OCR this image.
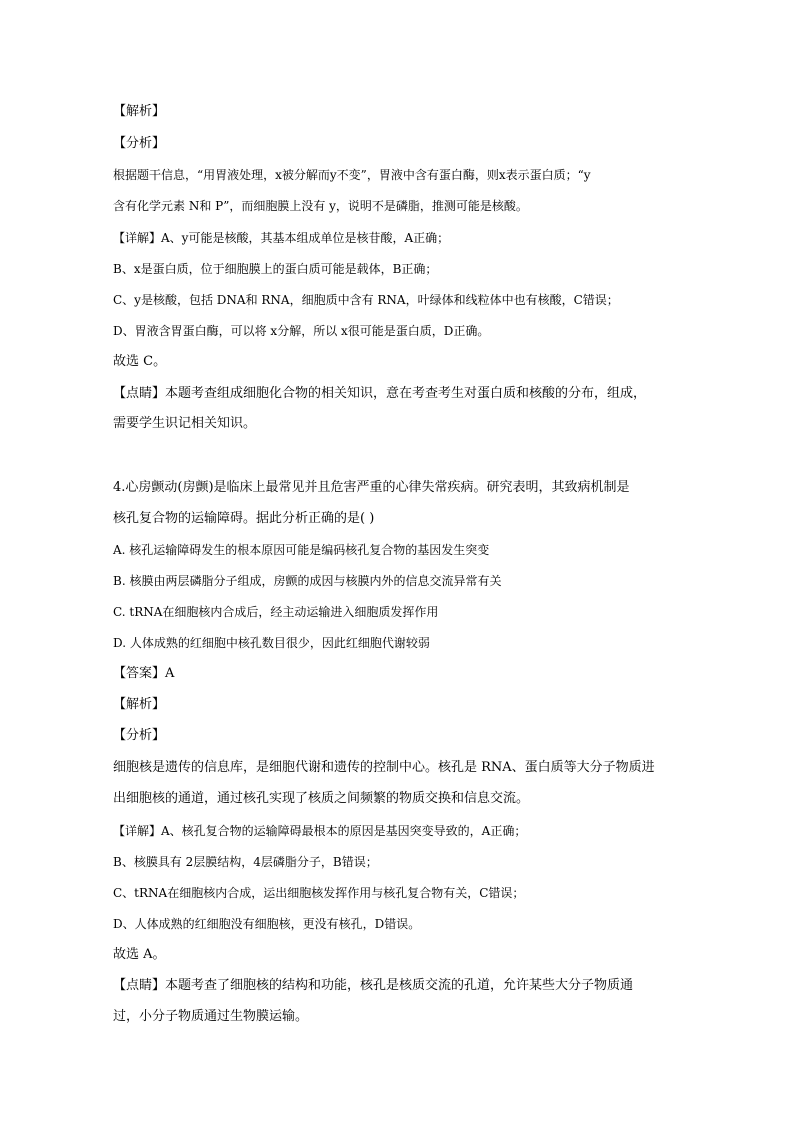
【解析】
【分析】
根据题干信息，“用胃液处理，x被分解而y不变”，胃液中含有蛋白酶，则x表示蛋白质；“y
含有化学元素 N和 P”，而细胞膜上没有 y，说明不是磷脂，推测可能是核酸。
【详解】A、y可能是核酸，其基本组成单位是核苷酸，A正确；
B、x是蛋白质，位于细胞膜上的蛋白质可能是载体，B正确；
C、y是核酸，包括 DNA和 RNA，细胞质中含有 RNA，叶绿体和线粒体中也有核酸，C错误；
D、胃液含胃蛋白酶，可以将 x分解，所以 x很可能是蛋白质，D正确。
故选 C。
【点睛】本题考查组成细胞化合物的相关知识，意在考查考生对蛋白质和核酸的分布，组成，
需要学生识记相关知识。
4.心房颤动(房颤)是临床上最常见并且危害严重的心律失常疾病。研究表明，其致病机制是
核孔复合物的运输障碍。据此分析正确的是( )
A. 核孔运输障碍发生的根本原因可能是编码核孔复合物的基因发生突变
B. 核膜由两层磷脂分子组成，房颤的成因与核膜内外的信息交流异常有关
C. tRNA在细胞核内合成后，经主动运输进入细胞质发挥作用
D. 人体成熟的红细胞中核孔数目很少，因此红细胞代谢较弱
【答案】A
【解析】
【分析】
细胞核是遗传的信息库，是细胞代谢和遗传的控制中心。核孔是 RNA、蛋白质等大分子物质进
出细胞核的通道，通过核孔实现了核质之间频繁的物质交换和信息交流。
【详解】A、核孔复合物的运输障碍最根本的原因是基因突变导致的，A正确；
B、核膜具有 2层膜结构，4层磷脂分子，B错误；
C、tRNA在细胞核内合成，运出细胞核发挥作用与核孔复合物有关，C错误；
D、人体成熟的红细胞没有细胞核，更没有核孔，D错误。
故选 A。
【点睛】本题考查了细胞核的结构和功能，核孔是核质交流的孔道，允许某些大分子物质通
过，小分子物质通过生物膜运输。
